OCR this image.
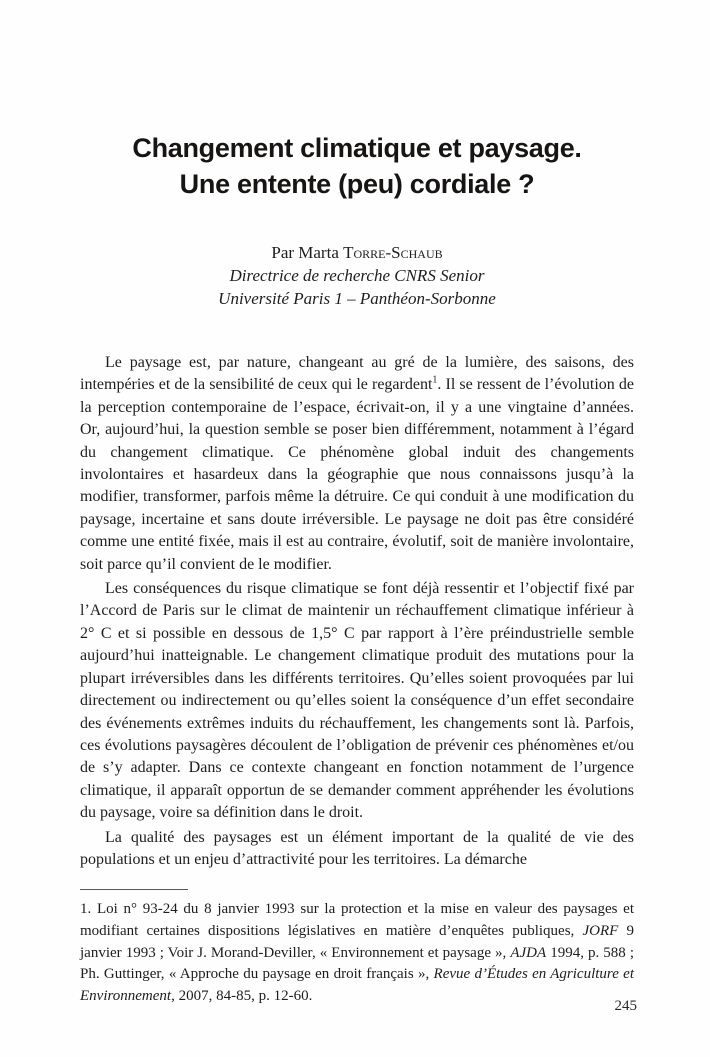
Changement climatique et paysage.
Une entente (peu) cordiale ?
Par Marta Torre-Schaub
Directrice de recherche CNRS Senior
Université Paris 1 – Panthéon-Sorbonne

Le paysage est, par nature, changeant au gré de la lumière, des saisons, des intempéries et de la sensibilité de ceux qui le regardent$^1$. Il se ressent de l’évolution de la perception contemporaine de l’espace, écrivait-on, il y a une vingtaine d’années. Or, aujourd’hui, la question semble se poser bien différemment, notamment à l’égard du changement climatique. Ce phénomène global induit des changements involontaires et hasardeux dans la géographie que nous connaissons jusqu’à la modifier, transformer, parfois même la détruire. Ce qui conduit à une modification du paysage, incertaine et sans doute irréversible. Le paysage ne doit pas être considéré comme une entité fixée, mais il est au contraire, évolutif, soit de manière involontaire, soit parce qu’il convient de le modifier.

Les conséquences du risque climatique se font déjà ressentir et l’objectif fixé par l’Accord de Paris sur le climat de maintenir un réchauffement climatique inférieur à 2° C et si possible en dessous de 1,5° C par rapport à l’ère préindustrielle semble aujourd’hui inatteignable. Le changement climatique produit des mutations pour la plupart irréversibles dans les différents territoires. Qu’elles soient provoquées par lui directement ou indirectement ou qu’elles soient la conséquence d’un effet secondaire des événements extrêmes induits du réchauffement, les changements sont là. Parfois, ces évolutions paysagères découlent de l’obligation de prévenir ces phénomènes et/ou de s’y adapter. Dans ce contexte changeant en fonction notamment de l’urgence climatique, il apparaît opportun de se demander comment appréhender les évolutions du paysage, voire sa définition dans le droit.

La qualité des paysages est un élément important de la qualité de vie des populations et un enjeu d’attractivité pour les territoires. La démarche

1. Loi n° 93-24 du 8 janvier 1993 sur la protection et la mise en valeur des paysages et modifiant certaines dispositions législatives en matière d’enquêtes publiques, JORF 9 janvier 1993 ; Voir J. Morand-Deviller, « Environnement et paysage », AJDA 1994, p. 588 ; Ph. Guttinger, « Approche du paysage en droit français », Revue d’Études en Agriculture et Environnement, 2007, 84-85, p. 12-60.

245
